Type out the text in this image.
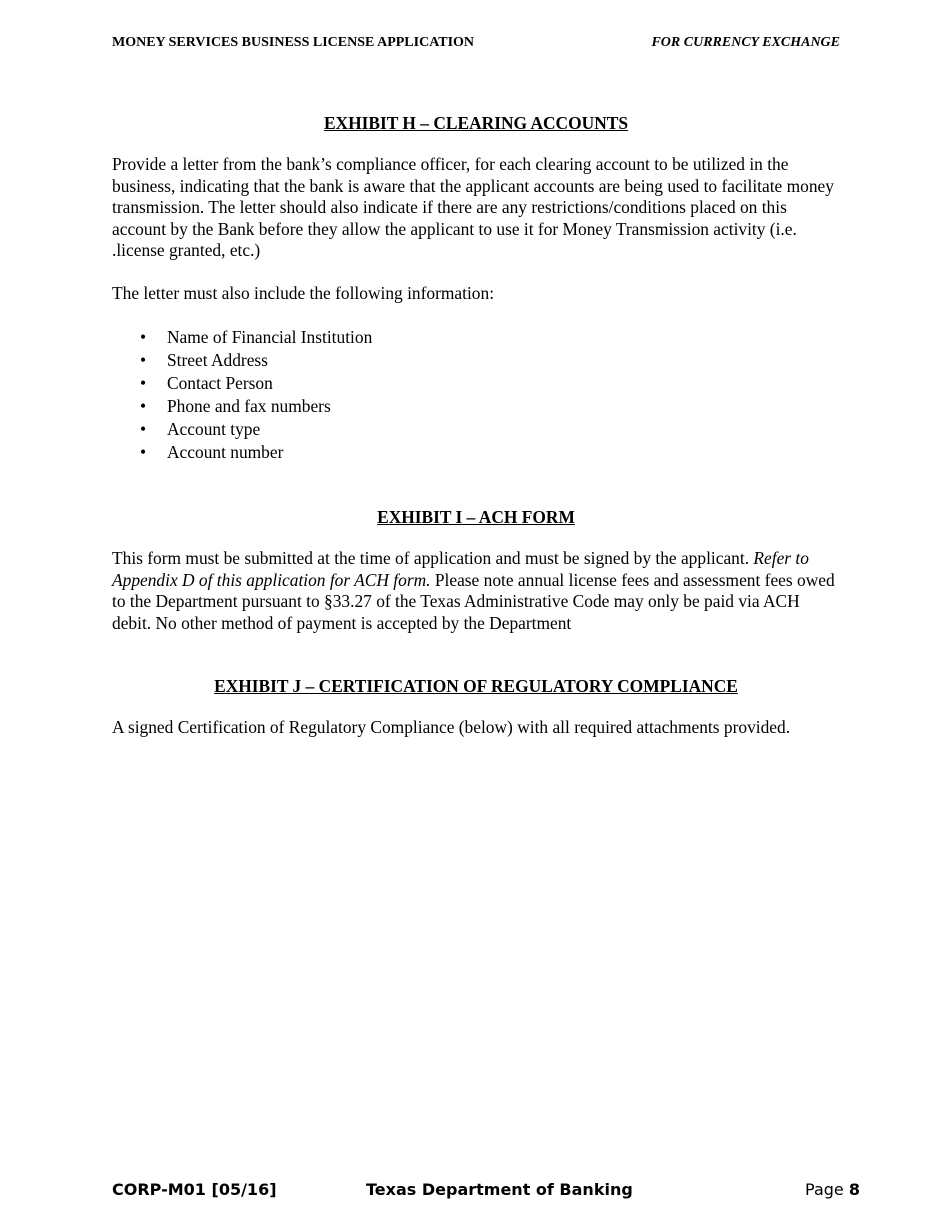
MONEY SERVICES BUSINESS LICENSE APPLICATION	FOR CURRENCY EXCHANGE
EXHIBIT H – CLEARING ACCOUNTS

Provide a letter from the bank’s compliance officer, for each clearing account to be utilized in the business, indicating that the bank is aware that the applicant accounts are being used to facilitate money transmission. The letter should also indicate if there are any restrictions/conditions placed on this account by the Bank before they allow the applicant to use it for Money Transmission activity (i.e. .license granted, etc.)

The letter must also include the following information:

• Name of Financial Institution
• Street Address
• Contact Person
• Phone and fax numbers
• Account type
• Account number
EXHIBIT I – ACH FORM

This form must be submitted at the time of application and must be signed by the applicant. Refer to Appendix D of this application for ACH form. Please note annual license fees and assessment fees owed to the Department pursuant to §33.27 of the Texas Administrative Code may only be paid via ACH debit. No other method of payment is accepted by the Department

EXHIBIT J – CERTIFICATION OF REGULATORY COMPLIANCE

A signed Certification of Regulatory Compliance (below) with all required attachments provided.

CORP-M01 [05/16]	Texas Department of Banking	Page 8
